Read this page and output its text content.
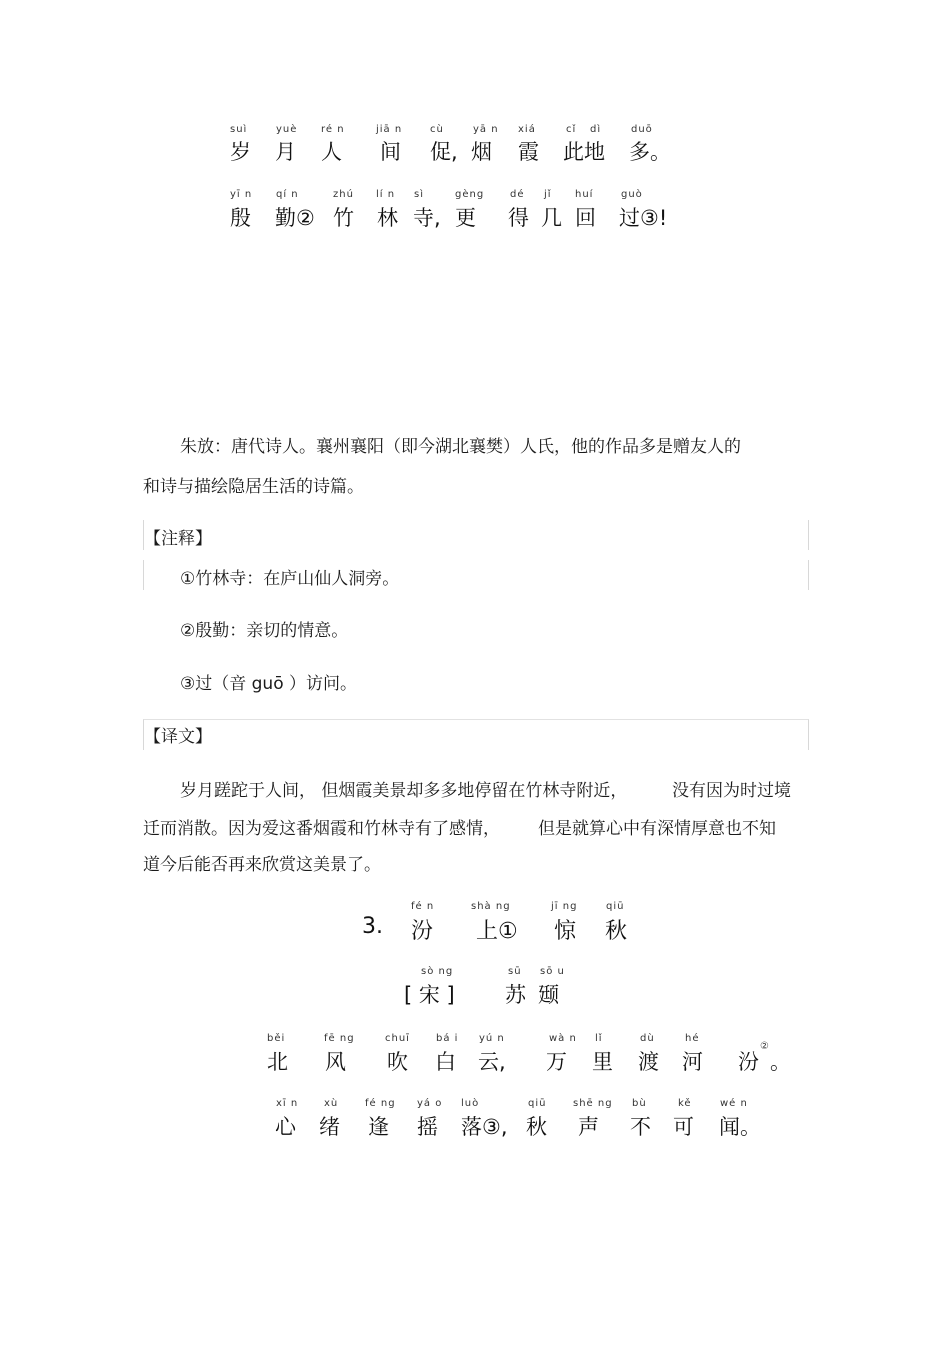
suì	yuè ré n	jiā n	cù	yā n xiá	cǐ dì	duō
岁 月 人 间 促, 烟 霞 此地 多。
yī n qí n	zhú lí n sì	gèng	dé jǐ huí	guò
殷 勤② 竹 林 寺, 更 得 几 回 过③!
朱放：唐代诗人。襄州襄阳（即今湖北襄樊）人氏，他的作品多是赠友人的
和诗与描绘隐居生活的诗篇。
【注释】
①竹林寺：在庐山仙人洞旁。
②殷勤：亲切的情意。
③过（音 guō ）访问。
【译文】
岁月蹉跎于人间， 但烟霞美景却多多地停留在竹林寺附近，	没有因为时过境
迁而消散。因为爱这番烟霞和竹林寺有了感情， 但是就算心中有深情厚意也不知
道今后能否再来欣赏这美景了。
fé n	shà ng	jī ng	qiū
3. 汾 上① 惊 秋
sò ng	sū sō u
[ 宋 ] 苏 颋
běi	fē ng	chuī	bá i yú n	wà n lǐ	dù	hé
北 风 吹 白 云, 万 里 渡 河 汾
②
。
xī n	xù	fé ng yá o luò	qiū	shē ng bù	kě	wé n
心 绪 逢 摇 落③, 秋 声 不 可 闻。
